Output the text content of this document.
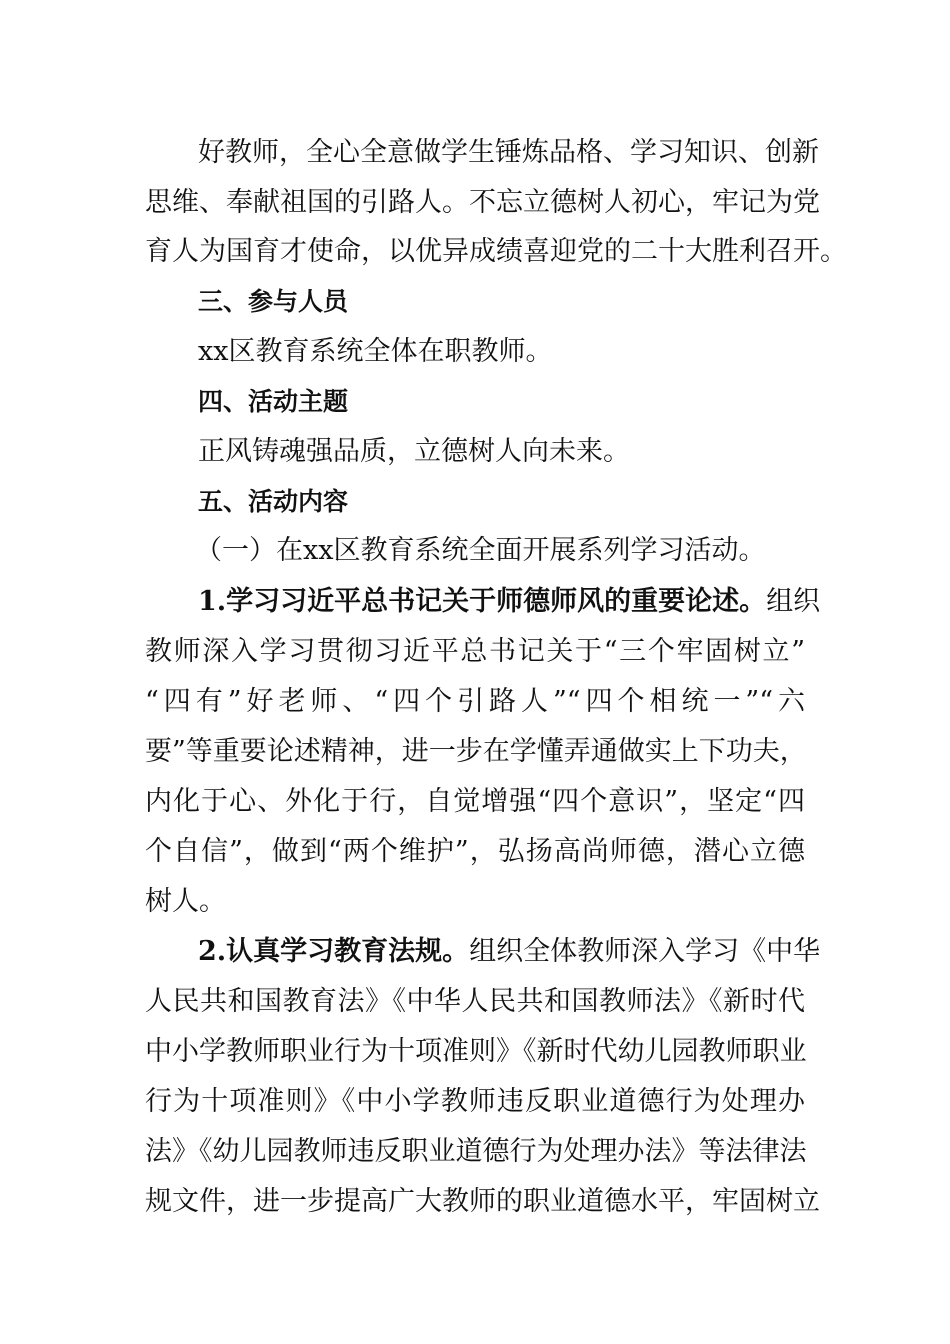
好教师，全心全意做学生锤炼品格、学习知识、创新
思维、奉献祖国的引路人。不忘立德树人初心，牢记为党
育人为国育才使命，以优异成绩喜迎党的二十大胜利召开。
三、参与人员
xx区教育系统全体在职教师。
四、活动主题
正风铸魂强品质，立德树人向未来。
五、活动内容
（一）在xx区教育系统全面开展系列学习活动。
1.学习习近平总书记关于师德师风的重要论述。组织
教师深入学习贯彻习近平总书记关于“三个牢固树立”
“四有”好老师、“四个引路人”“四个相统一”“六
要”等重要论述精神，进一步在学懂弄通做实上下功夫，
内化于心、外化于行，自觉增强“四个意识”，坚定“四
个自信”，做到“两个维护”，弘扬高尚师德，潜心立德
树人。
2.认真学习教育法规。组织全体教师深入学习《中华
人民共和国教育法》《中华人民共和国教师法》《新时代
中小学教师职业行为十项准则》《新时代幼儿园教师职业
行为十项准则》《中小学教师违反职业道德行为处理办
法》《幼儿园教师违反职业道德行为处理办法》等法律法
规文件，进一步提高广大教师的职业道德水平，牢固树立
